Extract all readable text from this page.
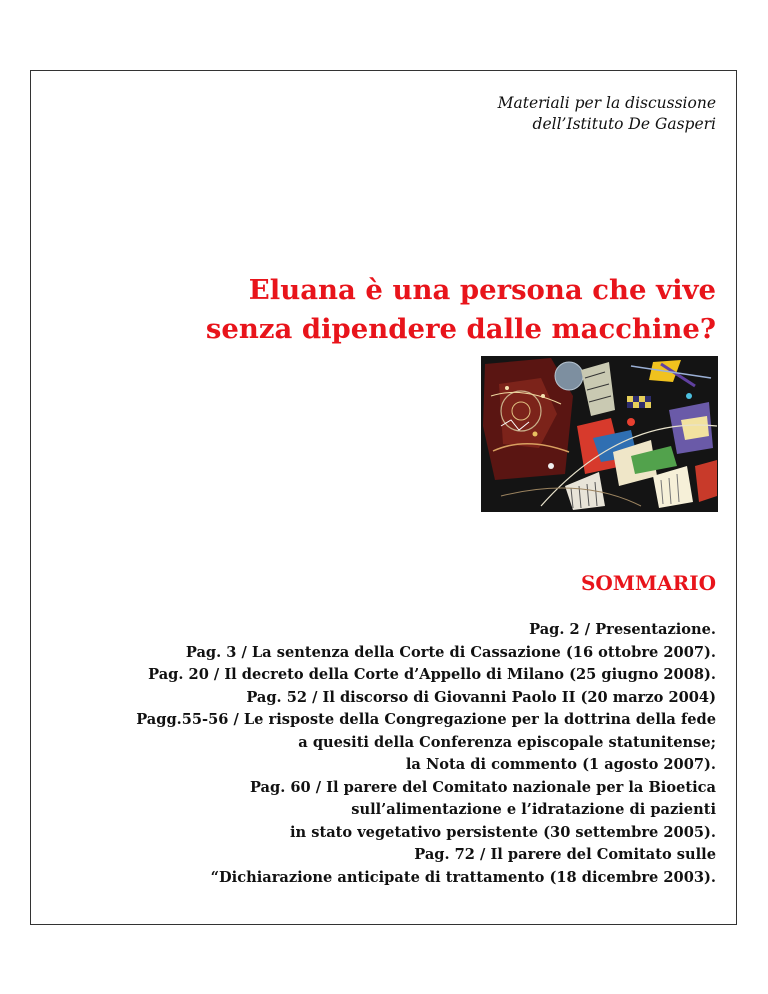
Materiali per la discussione
dell’Istituto De Gasperi
Eluana è una persona che vive
senza dipendere dalle macchine?
SOMMARIO
Pag. 2 / Presentazione.
Pag. 3 / La sentenza della Corte di Cassazione (16 ottobre 2007).
Pag. 20 / Il decreto della Corte d’Appello di Milano (25 giugno 2008).
Pag. 52 / Il discorso di Giovanni Paolo II (20 marzo 2004)
Pagg.55-56 / Le risposte della Congregazione per la dottrina della fede
a quesiti della Conferenza episcopale statunitense;
la Nota di commento (1 agosto 2007).
Pag. 60 / Il parere del Comitato nazionale per la Bioetica
sull’alimentazione e l’idratazione di pazienti
in stato vegetativo persistente (30 settembre 2005).
Pag. 72 / Il parere del Comitato sulle
“Dichiarazione anticipate di trattamento (18 dicembre 2003).
